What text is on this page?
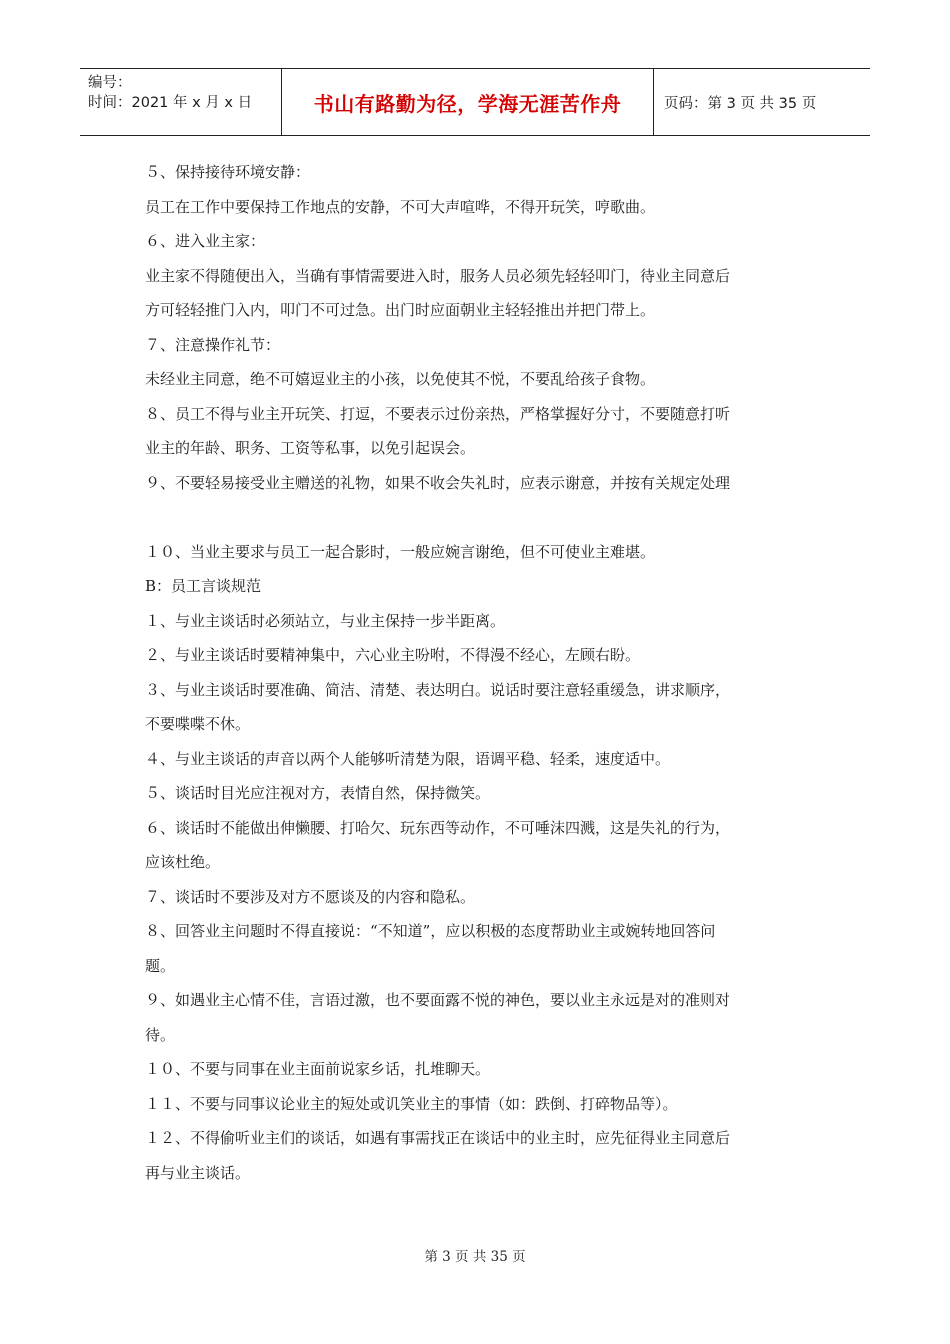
编号：
时间：2021 年 x 月 x 日	书山有路勤为径，学海无涯苦作舟	页码：第 3 页 共 35 页
５、保持接待环境安静：
员工在工作中要保持工作地点的安静，不可大声喧哗，不得开玩笑，哼歌曲。
６、进入业主家：
业主家不得随便出入，当确有事情需要进入时，服务人员必须先轻轻叩门，待业主同意后
方可轻轻推门入内，叩门不可过急。出门时应面朝业主轻轻推出并把门带上。
７、注意操作礼节：
未经业主同意，绝不可嬉逗业主的小孩，以免使其不悦，不要乱给孩子食物。
８、员工不得与业主开玩笑、打逗，不要表示过份亲热，严格掌握好分寸，不要随意打听
业主的年龄、职务、工资等私事，以免引起误会。
９、不要轻易接受业主赠送的礼物，如果不收会失礼时，应表示谢意，并按有关规定处理
１０、当业主要求与员工一起合影时，一般应婉言谢绝，但不可使业主难堪。
B：员工言谈规范
１、与业主谈话时必须站立，与业主保持一步半距离。
２、与业主谈话时要精神集中，六心业主吩咐，不得漫不经心，左顾右盼。
３、与业主谈话时要准确、简洁、清楚、表达明白。说话时要注意轻重缓急，讲求顺序，
不要喋喋不休。
４、与业主谈话的声音以两个人能够听清楚为限，语调平稳、轻柔，速度适中。
５、谈话时目光应注视对方，表情自然，保持微笑。
６、谈话时不能做出伸懒腰、打哈欠、玩东西等动作，不可唾沫四溅，这是失礼的行为，
应该杜绝。
７、谈话时不要涉及对方不愿谈及的内容和隐私。
８、回答业主问题时不得直接说：“不知道”，应以积极的态度帮助业主或婉转地回答问
题。
９、如遇业主心情不佳，言语过激，也不要面露不悦的神色，要以业主永远是对的准则对
待。
１０、不要与同事在业主面前说家乡话，扎堆聊天。
１１、不要与同事议论业主的短处或讥笑业主的事情（如：跌倒、打碎物品等）。
１２、不得偷听业主们的谈话，如遇有事需找正在谈话中的业主时，应先征得业主同意后
再与业主谈话。
第 3 页 共 35 页
